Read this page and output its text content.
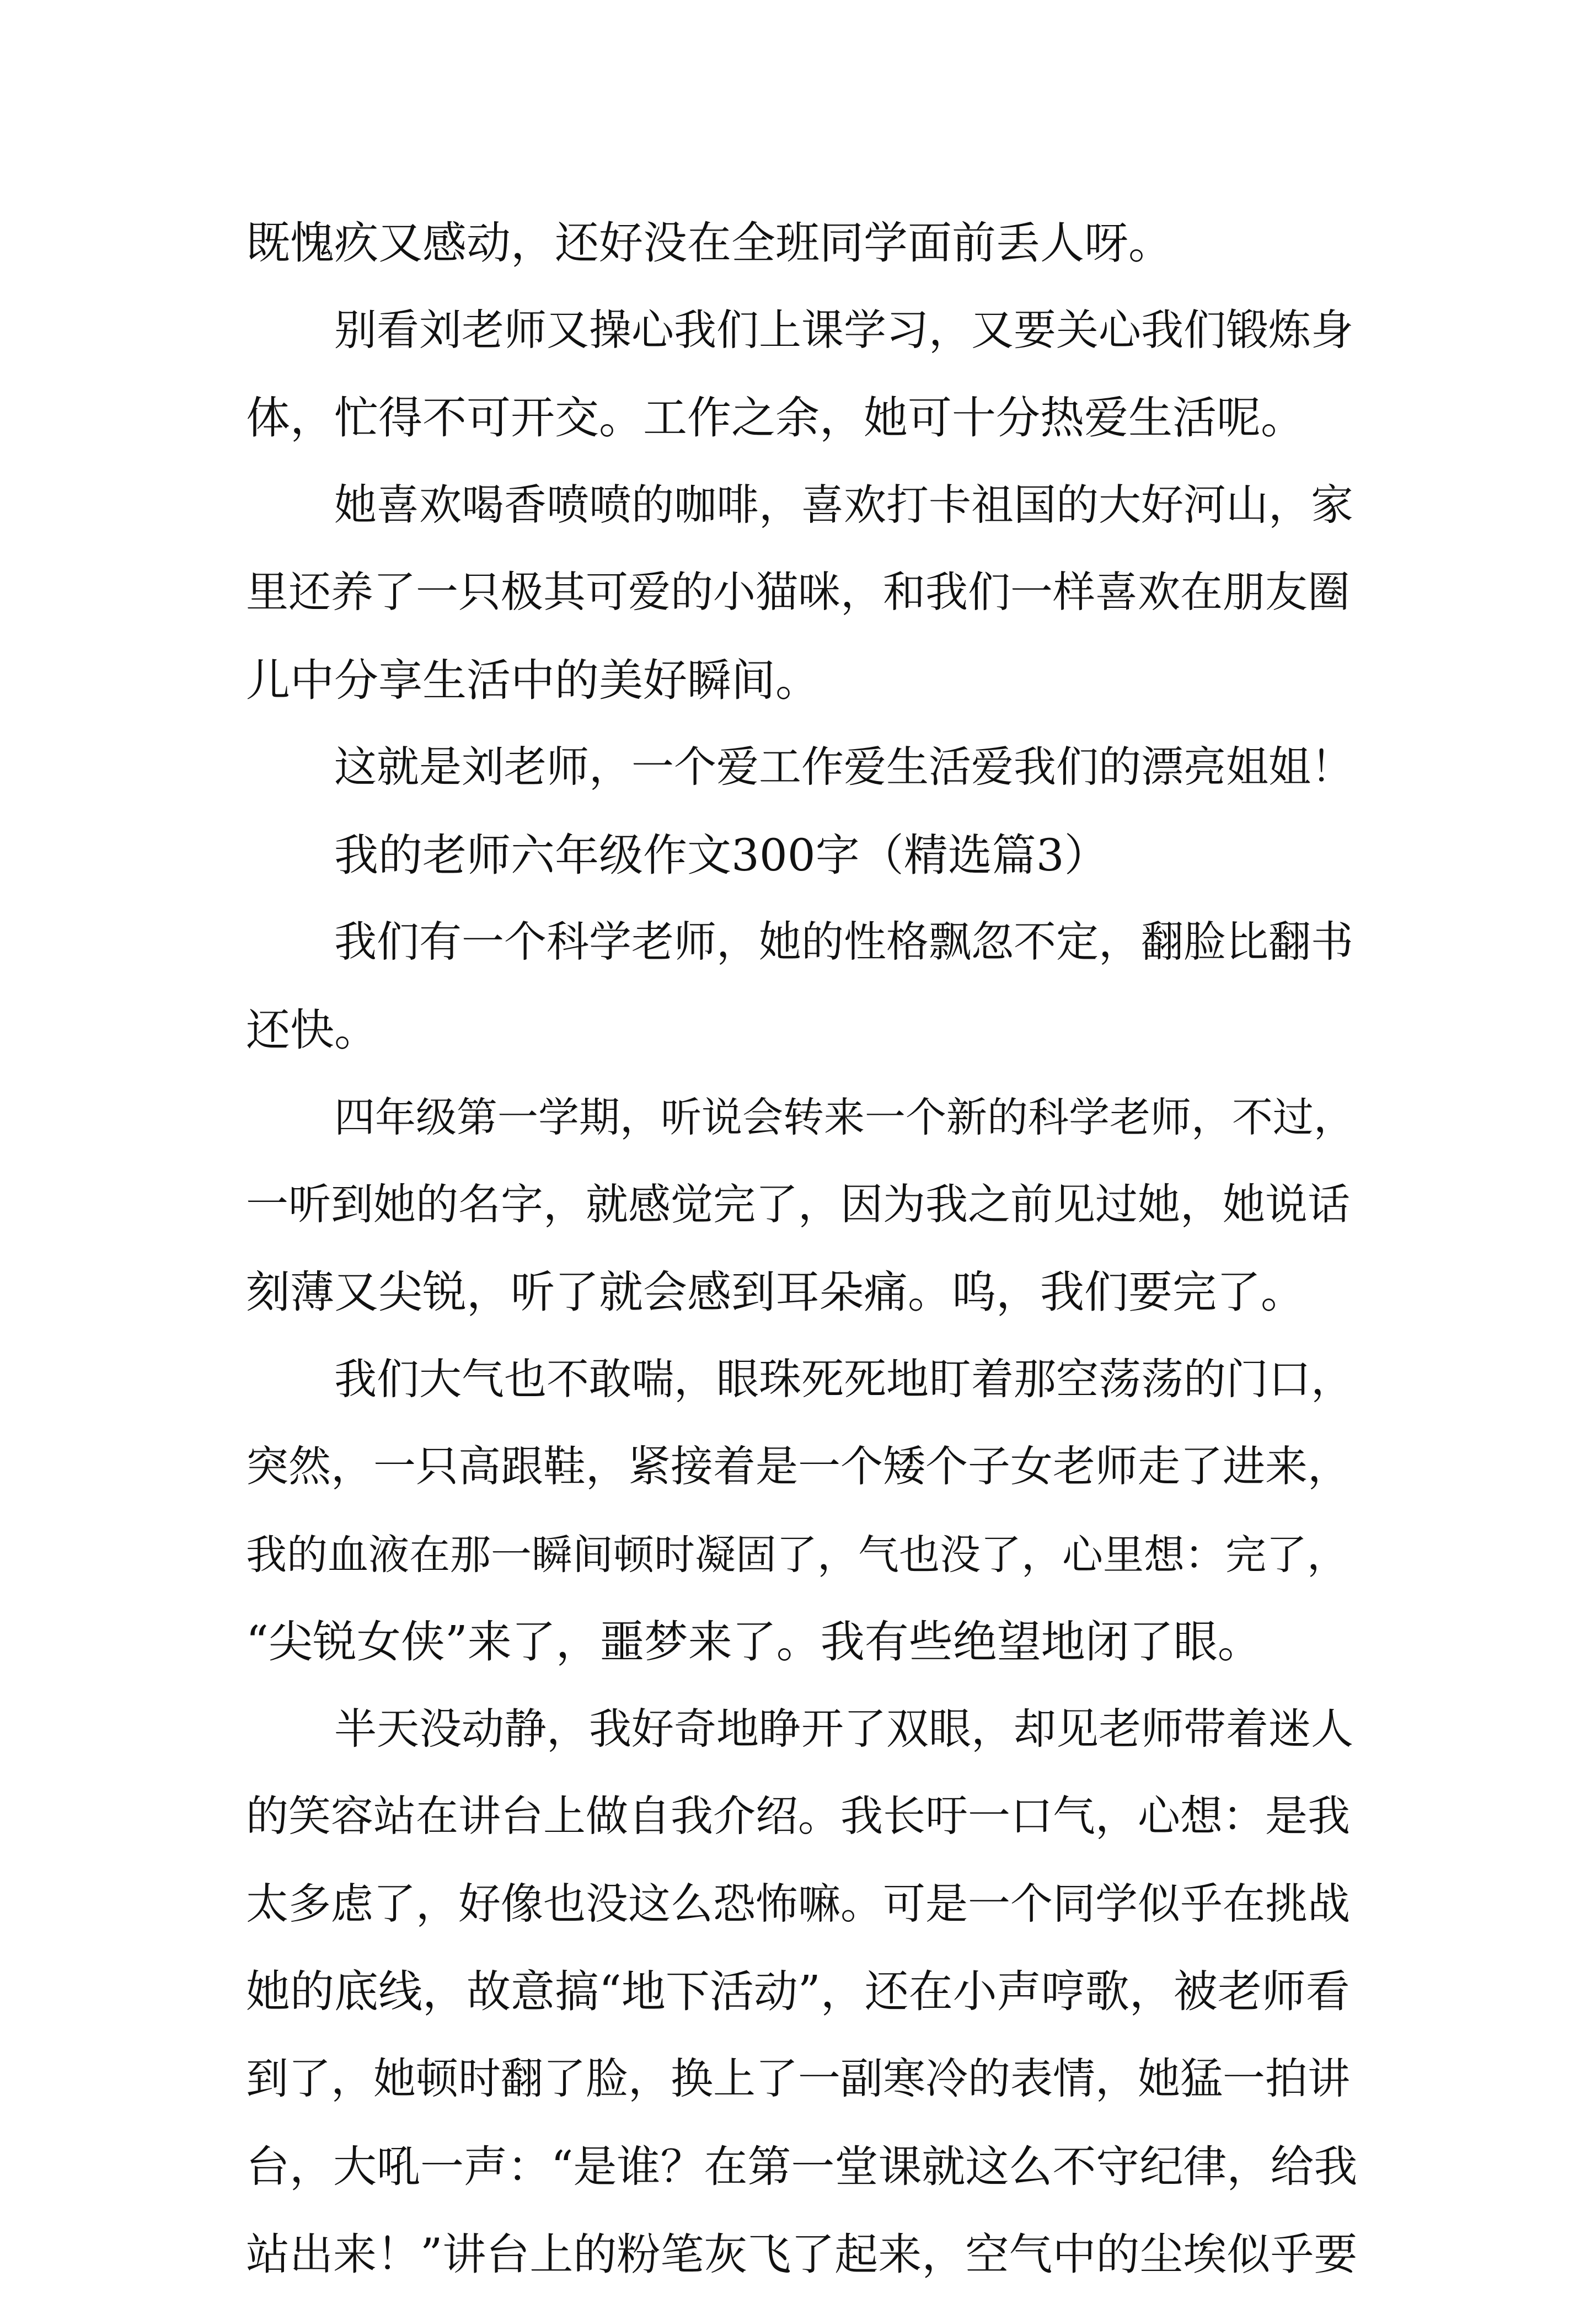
既愧疚又感动，还好没在全班同学面前丢人呀。
别看刘老师又操心我们上课学习，又要关心我们锻炼身
体，忙得不可开交。工作之余，她可十分热爱生活呢。
她喜欢喝香喷喷的咖啡，喜欢打卡祖国的大好河山，家
里还养了一只极其可爱的小猫咪，和我们一样喜欢在朋友圈
儿中分享生活中的美好瞬间。
这就是刘老师，一个爱工作爱生活爱我们的漂亮姐姐！
我的老师六年级作文300字（精选篇3）
我们有一个科学老师，她的性格飘忽不定，翻脸比翻书
还快。
四年级第一学期，听说会转来一个新的科学老师，不过，
一听到她的名字，就感觉完了，因为我之前见过她，她说话
刻薄又尖锐，听了就会感到耳朵痛。呜，我们要完了。
我们大气也不敢喘，眼珠死死地盯着那空荡荡的门口，
突然，一只高跟鞋，紧接着是一个矮个子女老师走了进来，
我的血液在那一瞬间顿时凝固了，气也没了，心里想：完了，
“尖锐女侠”来了，噩梦来了。我有些绝望地闭了眼。
半天没动静，我好奇地睁开了双眼，却见老师带着迷人
的笑容站在讲台上做自我介绍。我长吁一口气，心想：是我
太多虑了，好像也没这么恐怖嘛。可是一个同学似乎在挑战
她的底线，故意搞“地下活动”，还在小声哼歌，被老师看
到了，她顿时翻了脸，换上了一副寒冷的表情，她猛一拍讲
台，大吼一声：“是谁？在第一堂课就这么不守纪律，给我
站出来！”讲台上的粉笔灰飞了起来，空气中的尘埃似乎要
